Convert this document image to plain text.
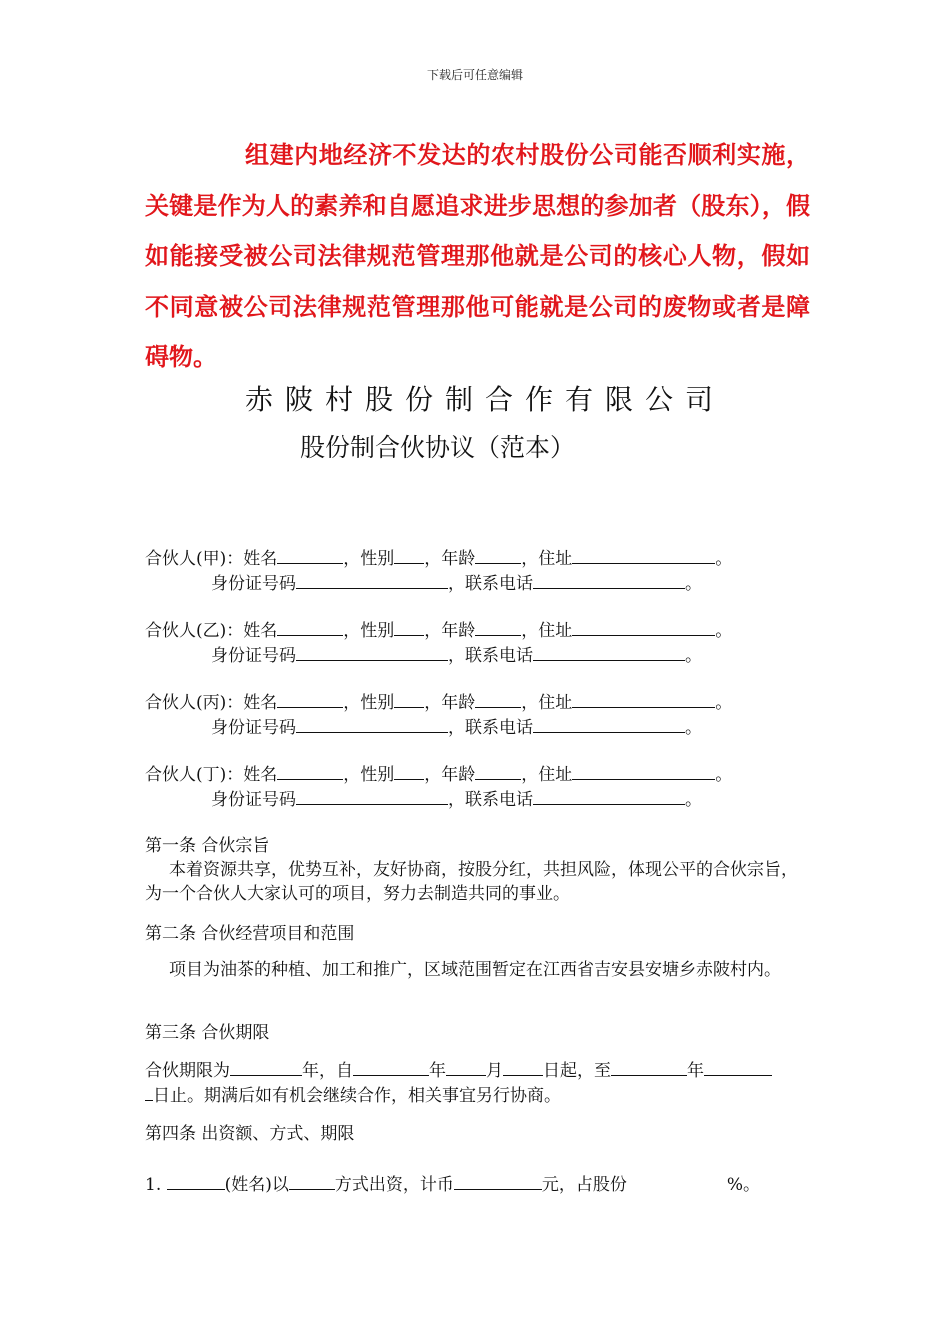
下载后可任意编辑

组建内地经济不发达的农村股份公司能否顺利实施，关键是作为人的素养和自愿追求进步思想的参加者（股东），假如能接受被公司法律规范管理那他就是公司的核心人物，假如不同意被公司法律规范管理那他可能就是公司的废物或者是障碍物。

赤陂村股份制合作有限公司
股份制合伙协议（范本）
合伙人(甲)：姓名	，性别 ，年龄	，住址	。
身份证号码	，联系电话	。
合伙人(乙)：姓名	，性别 ，年龄	，住址	。
身份证号码	，联系电话	。
合伙人(丙)：姓名	，性别 ，年龄	，住址	。
身份证号码	，联系电话	。
合伙人(丁)：姓名	，性别 ，年龄	，住址	。
身份证号码	，联系电话	。

第一条 合伙宗旨

本着资源共享，优势互补，友好协商，按股分红，共担风险，体现公平的合伙宗旨，为一个合伙人大家认可的项目，努力去制造共同的事业。

第二条 合伙经营项目和范围

项目为油茶的种植、加工和推广，区域范围暂定在江西省吉安县安塘乡赤陂村内。

第三条 合伙期限

合伙期限为	年，自	年 月 日起，至	年
日止。期满后如有机会继续合作，相关事宜另行协商。

第四条 出资额、方式、期限

1.	(姓名)以	方式出资，计币	元，占股份	%。
